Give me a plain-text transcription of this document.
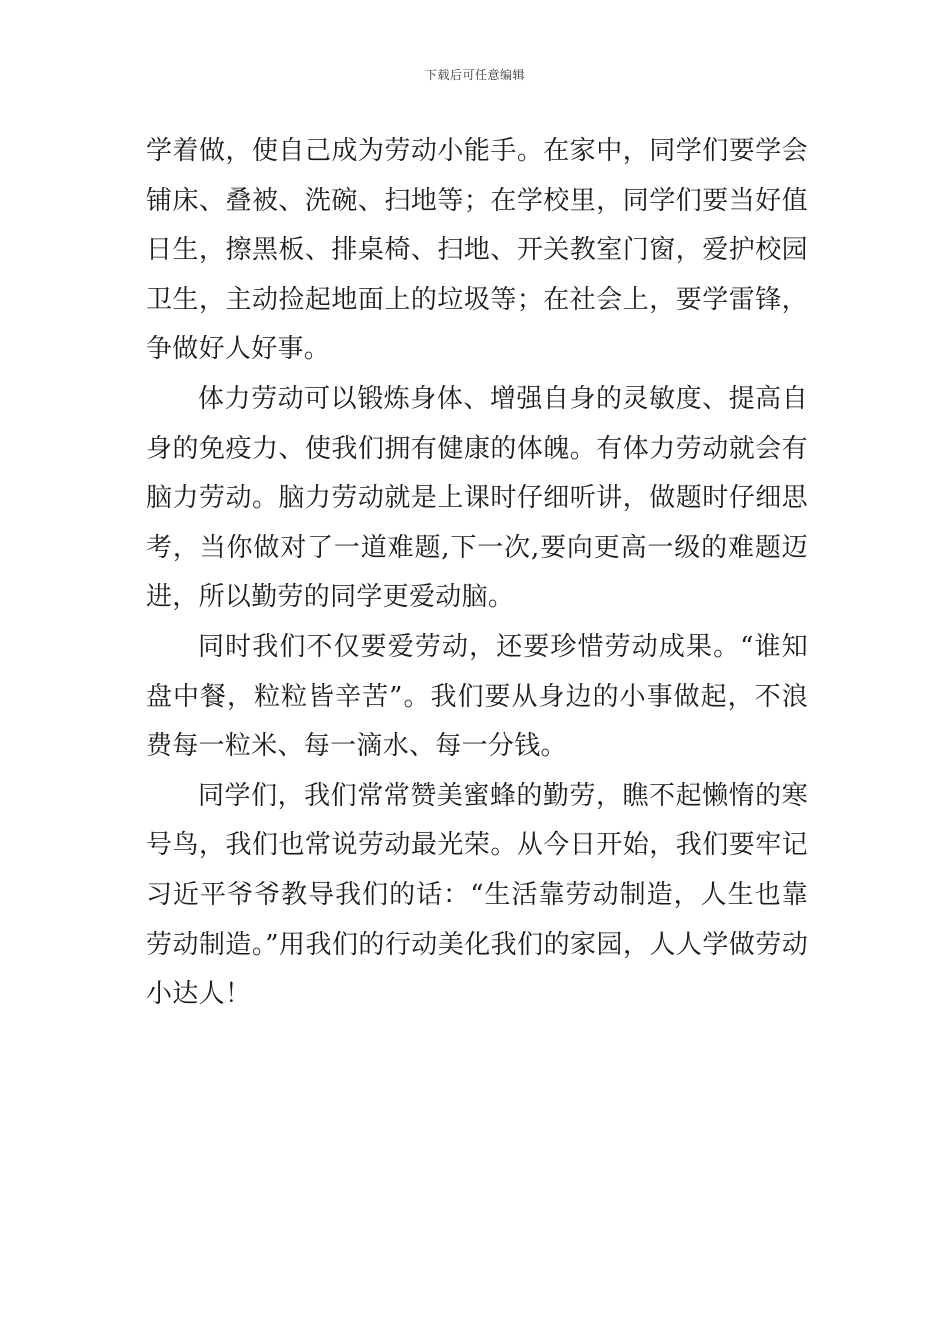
下载后可任意编辑

学着做，使自己成为劳动小能手。在家中，同学们要学会铺床、叠被、洗碗、扫地等；在学校里，同学们要当好值日生，擦黑板、排桌椅、扫地、开关教室门窗，爱护校园卫生，主动捡起地面上的垃圾等；在社会上，要学雷锋，争做好人好事。

体力劳动可以锻炼身体、增强自身的灵敏度、提高自身的免疫力、使我们拥有健康的体魄。有体力劳动就会有脑力劳动。脑力劳动就是上课时仔细听讲，做题时仔细思考，当你做对了一道难题,下一次,要向更高一级的难题迈进，所以勤劳的同学更爱动脑。

同时我们不仅要爱劳动，还要珍惜劳动成果。“谁知盘中餐，粒粒皆辛苦”。我们要从身边的小事做起，不浪费每一粒米、每一滴水、每一分钱。

同学们，我们常常赞美蜜蜂的勤劳，瞧不起懒惰的寒号鸟，我们也常说劳动最光荣。从今日开始，我们要牢记习近平爷爷教导我们的话：“生活靠劳动制造，人生也靠劳动制造。”用我们的行动美化我们的家园，人人学做劳动小达人！
